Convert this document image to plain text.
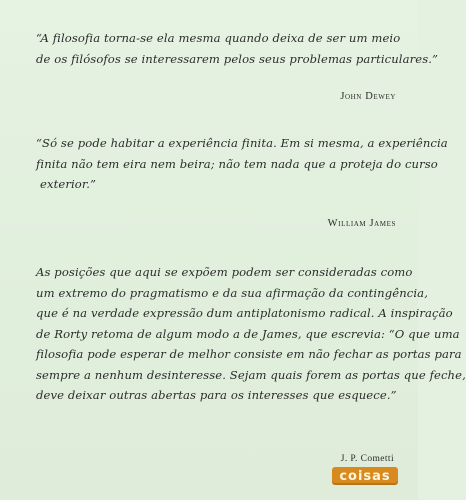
“A filosofia torna-se ela mesma quando deixa de ser um meio
de os filósofos se interessarem pelos seus problemas particulares.”
John Dewey
“Só se pode habitar a experiência finita. Em si mesma, a experiência
finita não tem eira nem beira; não tem nada que a proteja do curso
exterior.”
William James
As posições que aqui se expõem podem ser consideradas como
um extremo do pragmatismo e da sua afirmação da contingência,
que é na verdade expressão dum antiplatonismo radical. A inspiração
de Rorty retoma de algum modo a de James, que escrevia: “O que uma
filosofia pode esperar de melhor consiste em não fechar as portas para
sempre a nenhum desinteresse. Sejam quais forem as portas que feche,
deve deixar outras abertas para os interesses que esquece.”
J. P. Cometti
coisas
